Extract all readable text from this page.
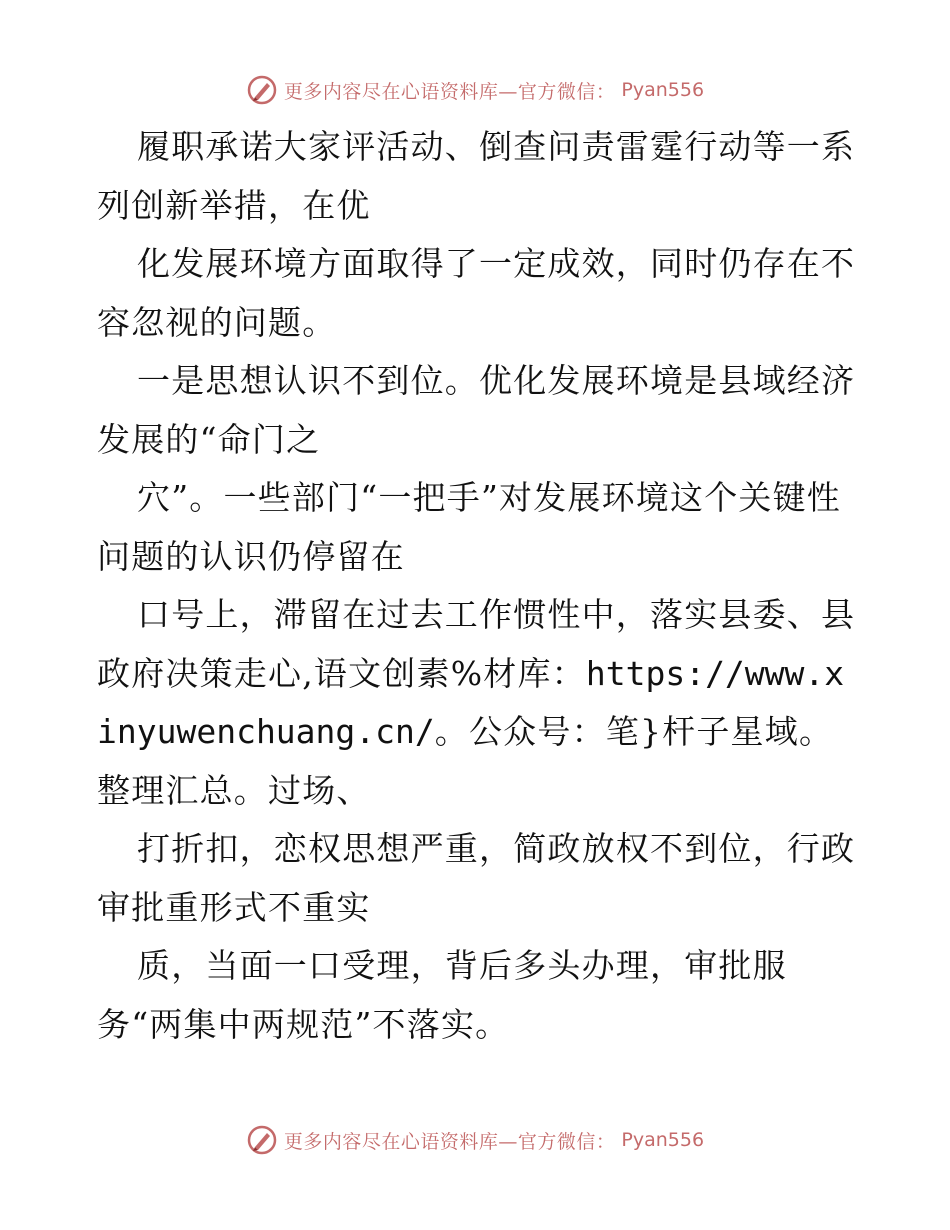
更多内容尽在心语资料库—官方微信： Pyan556

履职承诺大家评活动、倒查问责雷霆行动等一系列创新举措，在优

化发展环境方面取得了一定成效，同时仍存在不容忽视的问题。

一是思想认识不到位。优化发展环境是县域经济发展的“命门之

穴”。一些部门“一把手”对发展环境这个关键性问题的认识仍停留在

口号上，滞留在过去工作惯性中，落实县委、县政府决策走心,语文创素%材库：https://www.xinyuwenchuang.cn/。公众号：笔}杆子星域。整理汇总。过场、

打折扣，恋权思想严重，简政放权不到位，行政审批重形式不重实

质，当面一口受理，背后多头办理，审批服务“两集中两规范”不落实。

更多内容尽在心语资料库—官方微信： Pyan556
